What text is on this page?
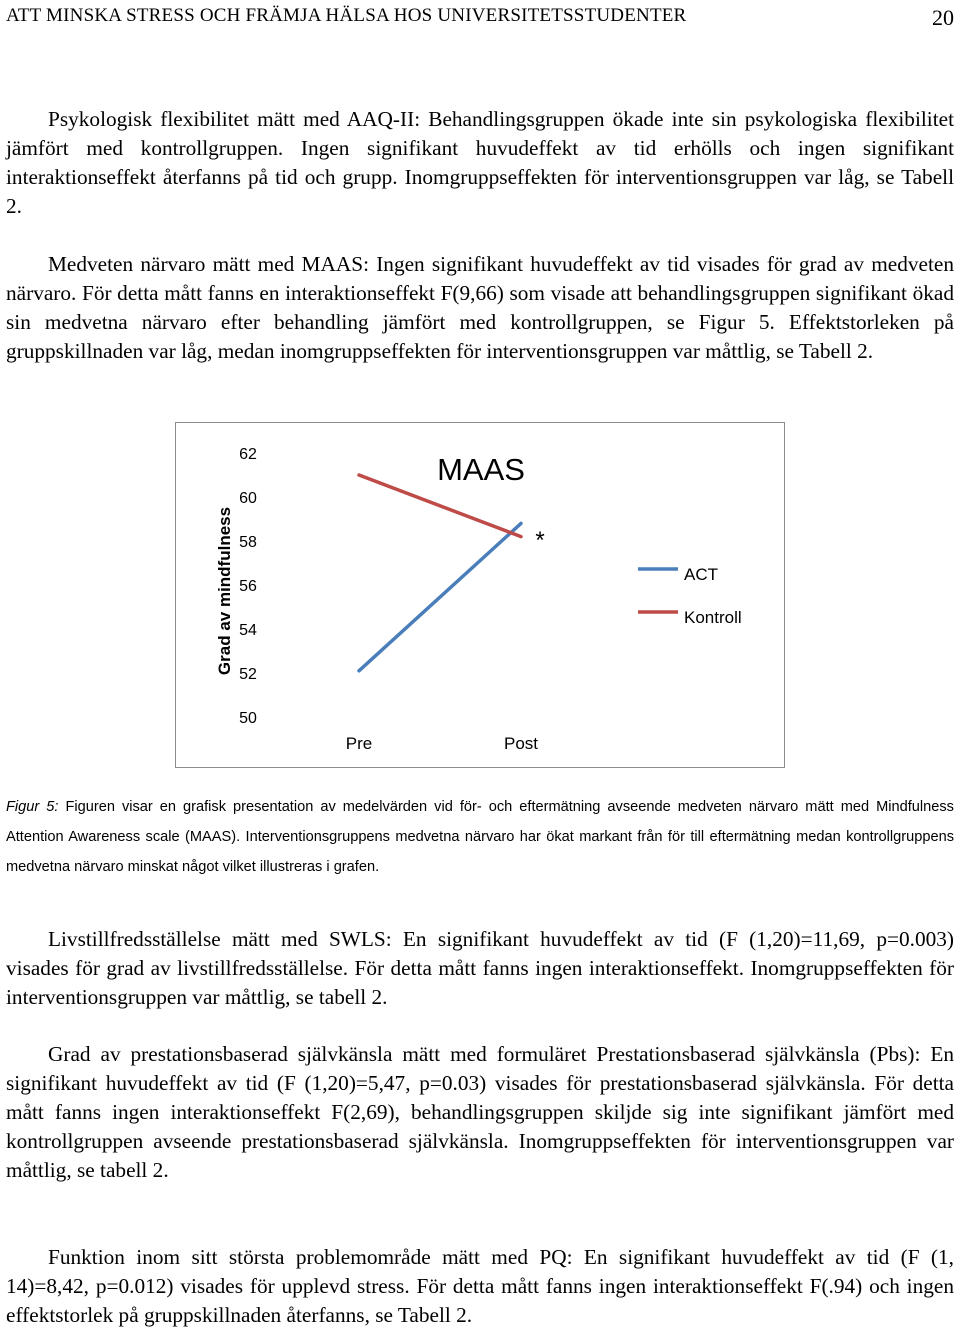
ATT MINSKA STRESS OCH FRÄMJA HÄLSA HOS UNIVERSITETSSTUDENTER	20

Psykologisk flexibilitet mätt med AAQ-II: Behandlingsgruppen ökade inte sin psykologiska flexibilitet jämfört med kontrollgruppen. Ingen signifikant huvudeffekt av tid erhölls och ingen signifikant interaktionseffekt återfanns på tid och grupp. Inomgruppseffekten för interventionsgruppen var låg, se Tabell 2.

Medveten närvaro mätt med MAAS: Ingen signifikant huvudeffekt av tid visades för grad av medveten närvaro. För detta mått fanns en interaktionseffekt F(9,66) som visade att behandlingsgruppen signifikant ökad sin medvetna närvaro efter behandling jämfört med kontrollgruppen, se Figur 5. Effektstorleken på gruppskillnaden var låg, medan inomgruppseffekten för interventionsgruppen var måttlig, se Tabell 2.

50
52
54
56
58
60
62
Pre	Post
MAAS
*
Grad av mindfulness	ACT
Kontroll

Figur 5: Figuren visar en grafisk presentation av medelvärden vid för- och eftermätning avseende medveten närvaro mätt med Mindfulness Attention Awareness scale (MAAS). Interventionsgruppens medvetna närvaro har ökat markant från för till eftermätning medan kontrollgruppens medvetna närvaro minskat något vilket illustreras i grafen.

Livstillfredsställelse mätt med SWLS: En signifikant huvudeffekt av tid (F (1,20)=11,69, p=0.003) visades för grad av livstillfredsställelse. För detta mått fanns ingen interaktionseffekt. Inomgruppseffekten för interventionsgruppen var måttlig, se tabell 2.

Grad av prestationsbaserad självkänsla mätt med formuläret Prestationsbaserad självkänsla (Pbs): En signifikant huvudeffekt av tid (F (1,20)=5,47, p=0.03) visades för prestationsbaserad självkänsla. För detta mått fanns ingen interaktionseffekt F(2,69), behandlingsgruppen skiljde sig inte signifikant jämfört med kontrollgruppen avseende prestationsbaserad självkänsla. Inomgruppseffekten för interventionsgruppen var måttlig, se tabell 2.

Funktion inom sitt största problemområde mätt med PQ: En signifikant huvudeffekt av tid (F (1, 14)=8,42, p=0.012) visades för upplevd stress. För detta mått fanns ingen interaktionseffekt F(.94) och ingen effektstorlek på gruppskillnaden återfanns, se Tabell 2.
